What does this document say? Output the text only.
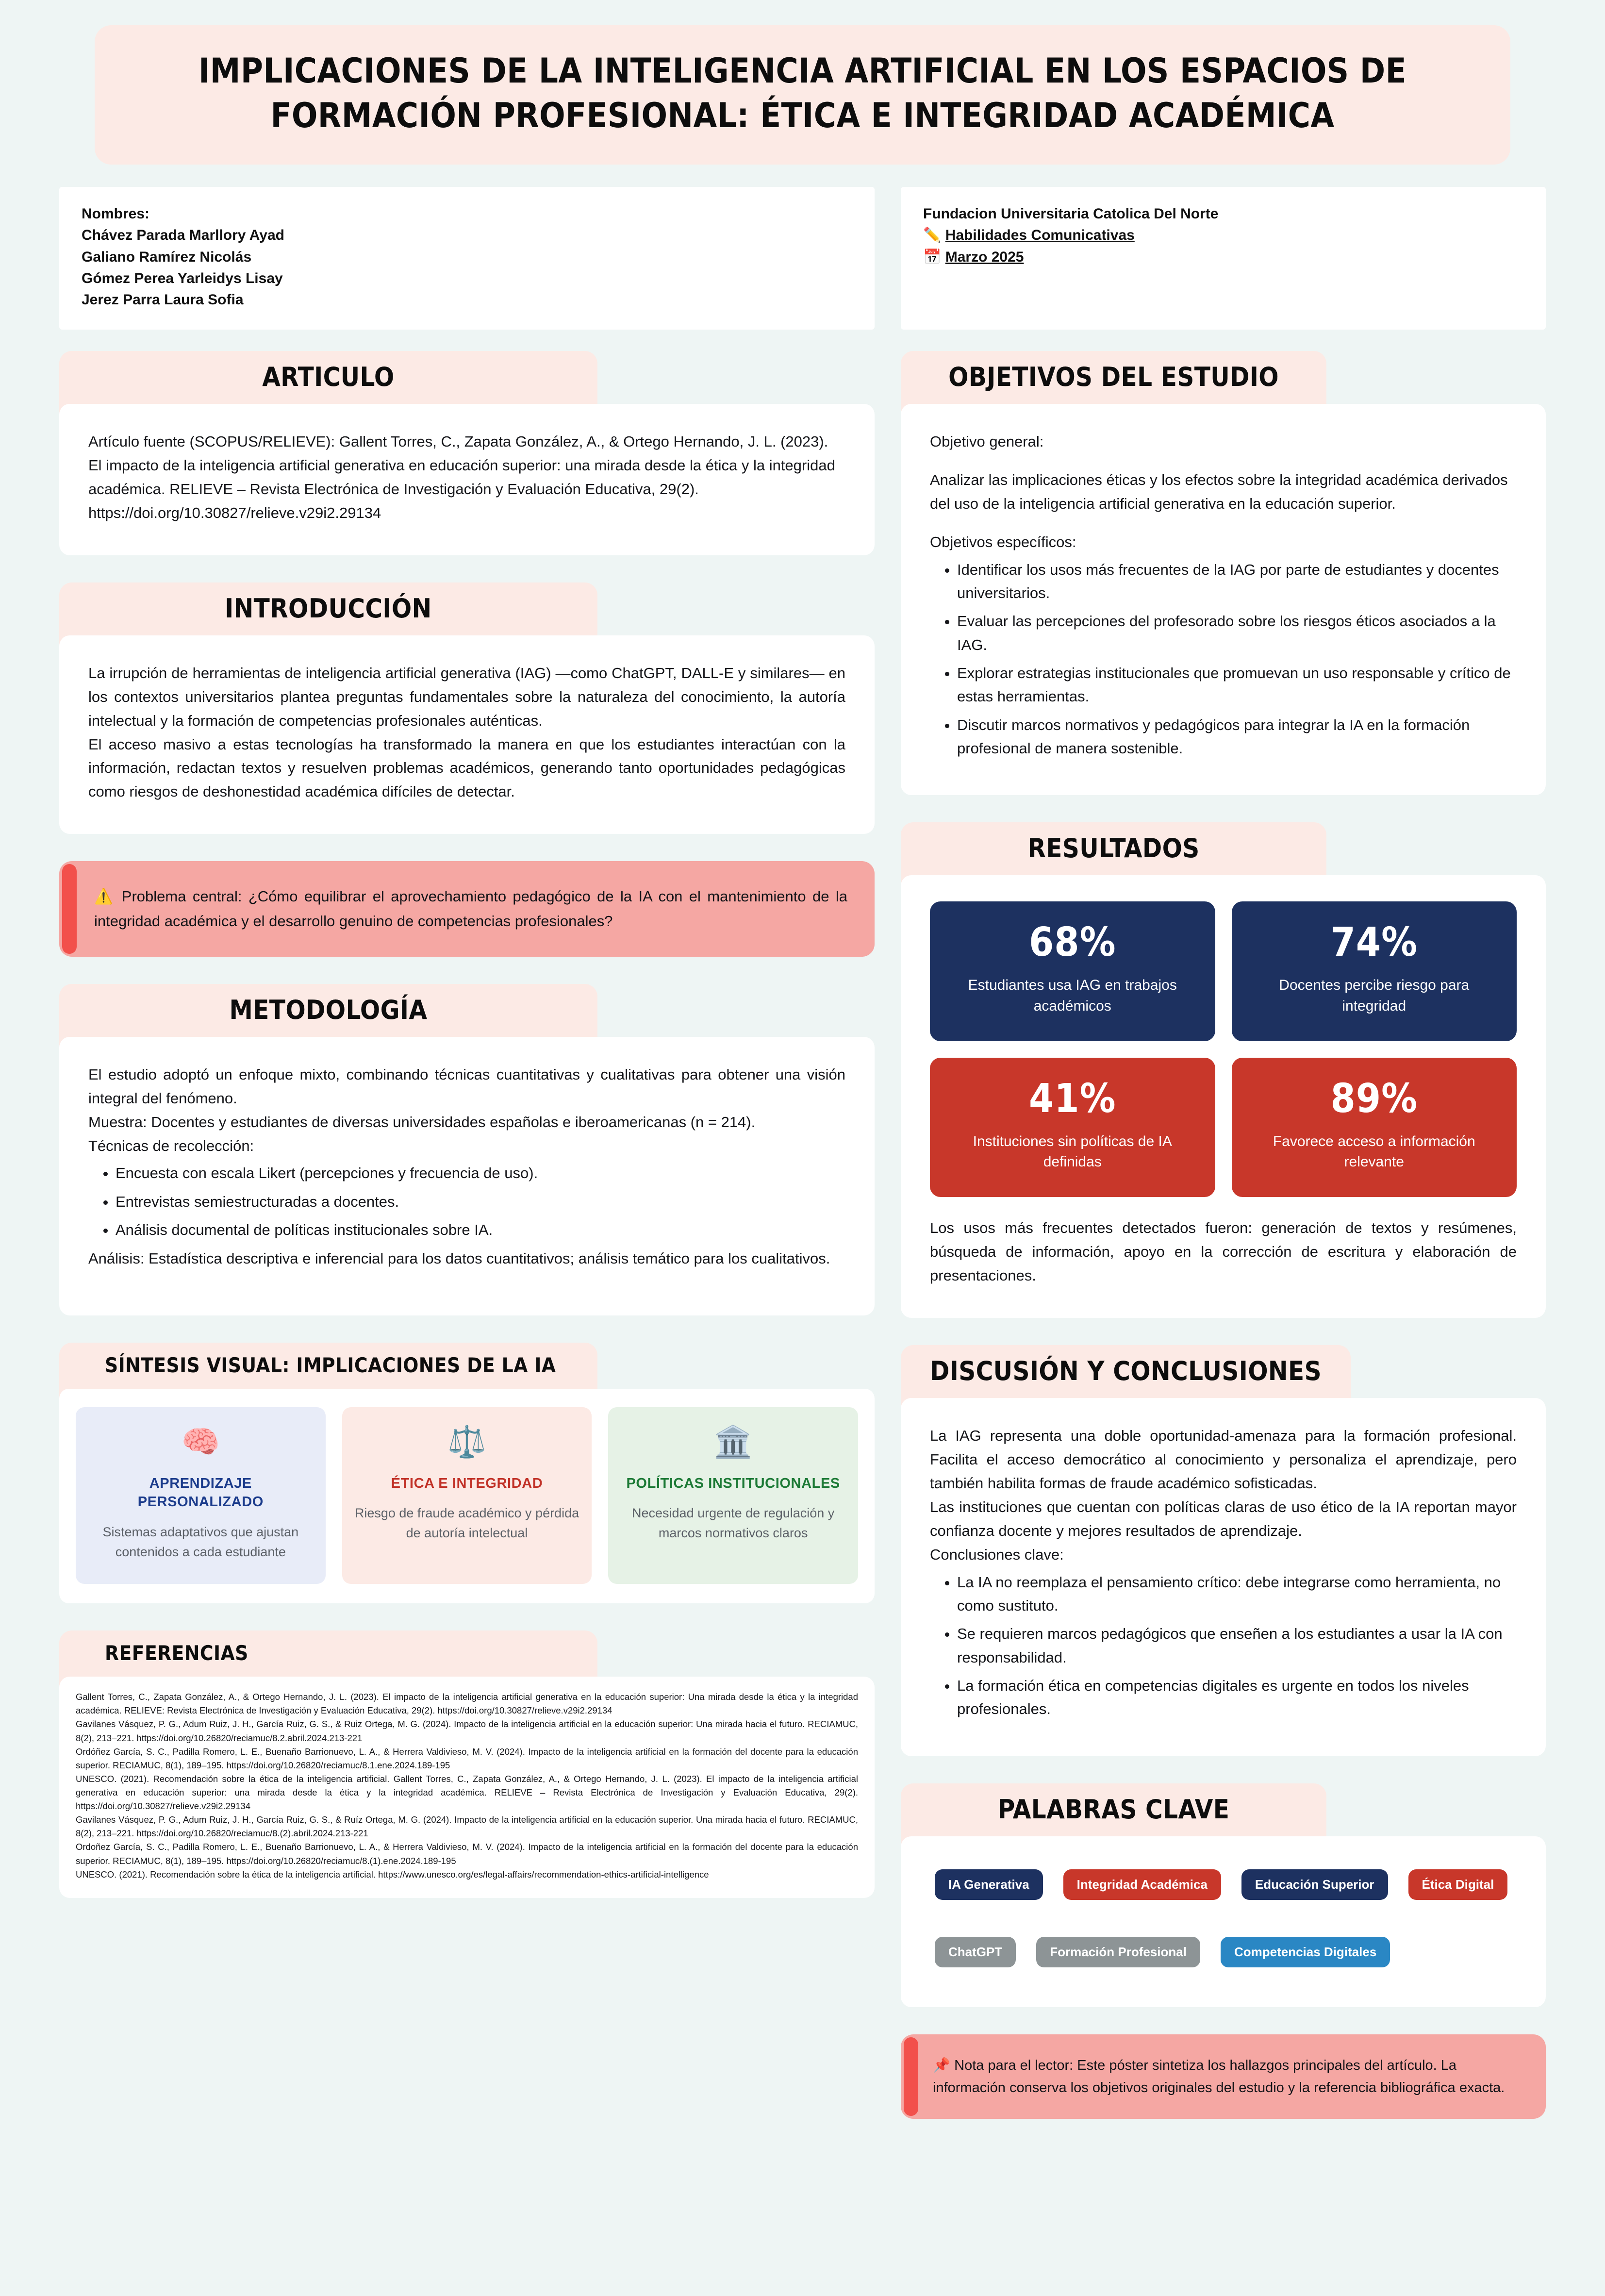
IMPLICACIONES DE LA INTELIGENCIA ARTIFICIAL EN LOS ESPACIOS DE FORMACIÓN PROFESIONAL: ÉTICA E INTEGRIDAD ACADÉMICA

Nombres:

Chávez Parada Marllory Ayad

Galiano Ramírez Nicolás

Gómez Perea Yarleidys Lisay

Jerez Parra Laura Sofia

Fundacion Universitaria Catolica Del Norte

✏️ Habilidades Comunicativas

📅 Marzo 2025

ARTICULO

Artículo fuente (SCOPUS/RELIEVE): Gallent Torres, C., Zapata González, A., & Ortego Hernando, J. L. (2023). El impacto de la inteligencia artificial generativa en educación superior: una mirada desde la ética y la integridad académica. RELIEVE – Revista Electrónica de Investigación y Evaluación Educativa, 29(2). https://doi.org/10.30827/relieve.v29i2.29134

INTRODUCCIÓN

La irrupción de herramientas de inteligencia artificial generativa (IAG) —como ChatGPT, DALL-E y similares— en los contextos universitarios plantea preguntas fundamentales sobre la naturaleza del conocimiento, la autoría intelectual y la formación de competencias profesionales auténticas.

El acceso masivo a estas tecnologías ha transformado la manera en que los estudiantes interactúan con la información, redactan textos y resuelven problemas académicos, generando tanto oportunidades pedagógicas como riesgos de deshonestidad académica difíciles de detectar.

⚠️ Problema central: ¿Cómo equilibrar el aprovechamiento pedagógico de la IA con el mantenimiento de la integridad académica y el desarrollo genuino de competencias profesionales?

METODOLOGÍA

El estudio adoptó un enfoque mixto, combinando técnicas cuantitativas y cualitativas para obtener una visión integral del fenómeno.

Muestra: Docentes y estudiantes de diversas universidades españolas e iberoamericanas (n = 214).

Técnicas de recolección:

• Encuesta con escala Likert (percepciones y frecuencia de uso).
• Entrevistas semiestructuradas a docentes.
• Análisis documental de políticas institucionales sobre IA.

Análisis: Estadística descriptiva e inferencial para los datos cuantitativos; análisis temático para los cualitativos.

SÍNTESIS VISUAL: IMPLICACIONES DE LA IA
🧠
APRENDIZAJE PERSONALIZADO
Sistemas adaptativos que ajustan contenidos a cada estudiante
⚖️
ÉTICA E INTEGRIDAD
Riesgo de fraude académico y pérdida de autoría intelectual
🏛️
POLÍTICAS INSTITUCIONALES
Necesidad urgente de regulación y marcos normativos claros
REFERENCIAS

Gallent Torres, C., Zapata González, A., & Ortego Hernando, J. L. (2023). El impacto de la inteligencia artificial generativa en la educación superior: Una mirada desde la ética y la integridad académica. RELIEVE: Revista Electrónica de Investigación y Evaluación Educativa, 29(2). https://doi.org/10.30827/relieve.v29i2.29134

Gavilanes Vásquez, P. G., Adum Ruiz, J. H., García Ruiz, G. S., & Ruiz Ortega, M. G. (2024). Impacto de la inteligencia artificial en la educación superior: Una mirada hacia el futuro. RECIAMUC, 8(2), 213–221. https://doi.org/10.26820/reciamuc/8.2.abril.2024.213-221

Ordóñez García, S. C., Padilla Romero, L. E., Buenaño Barrionuevo, L. A., & Herrera Valdivieso, M. V. (2024). Impacto de la inteligencia artificial en la formación del docente para la educación superior. RECIAMUC, 8(1), 189–195. https://doi.org/10.26820/reciamuc/8.1.ene.2024.189-195

UNESCO. (2021). Recomendación sobre la ética de la inteligencia artificial. Gallent Torres, C., Zapata González, A., & Ortego Hernando, J. L. (2023). El impacto de la inteligencia artificial generativa en educación superior: una mirada desde la ética y la integridad académica. RELIEVE – Revista Electrónica de Investigación y Evaluación Educativa, 29(2). https://doi.org/10.30827/relieve.v29i2.29134

Gavilanes Vásquez, P. G., Adum Ruiz, J. H., García Ruiz, G. S., & Ruíz Ortega, M. G. (2024). Impacto de la inteligencia artificial en la educación superior. Una mirada hacia el futuro. RECIAMUC, 8(2), 213–221. https://doi.org/10.26820/reciamuc/8.(2).abril.2024.213-221

Ordoñez García, S. C., Padilla Romero, L. E., Buenaño Barrionuevo, L. A., & Herrera Valdivieso, M. V. (2024). Impacto de la inteligencia artificial en la formación del docente para la educación superior. RECIAMUC, 8(1), 189–195. https://doi.org/10.26820/reciamuc/8.(1).ene.2024.189-195

UNESCO. (2021). Recomendación sobre la ética de la inteligencia artificial. https://www.unesco.org/es/legal-affairs/recommendation-ethics-artificial-intelligence

OBJETIVOS DEL ESTUDIO

Objetivo general:

Analizar las implicaciones éticas y los efectos sobre la integridad académica derivados del uso de la inteligencia artificial generativa en la educación superior.

Objetivos específicos:

• Identificar los usos más frecuentes de la IAG por parte de estudiantes y docentes universitarios.
• Evaluar las percepciones del profesorado sobre los riesgos éticos asociados a la IAG.
• Explorar estrategias institucionales que promuevan un uso responsable y crítico de estas herramientas.
• Discutir marcos normativos y pedagógicos para integrar la IA en la formación profesional de manera sostenible.
RESULTADOS
68%
Estudiantes usa IAG en trabajos académicos
74%
Docentes percibe riesgo para integridad
41%
Instituciones sin políticas de IA definidas
89%
Favorece acceso a información relevante

Los usos más frecuentes detectados fueron: generación de textos y resúmenes, búsqueda de información, apoyo en la corrección de escritura y elaboración de presentaciones.

DISCUSIÓN Y CONCLUSIONES

La IAG representa una doble oportunidad-amenaza para la formación profesional. Facilita el acceso democrático al conocimiento y personaliza el aprendizaje, pero también habilita formas de fraude académico sofisticadas.

Las instituciones que cuentan con políticas claras de uso ético de la IA reportan mayor confianza docente y mejores resultados de aprendizaje.

Conclusiones clave:

• La IA no reemplaza el pensamiento crítico: debe integrarse como herramienta, no como sustituto.
• Se requieren marcos pedagógicos que enseñen a los estudiantes a usar la IA con responsabilidad.
• La formación ética en competencias digitales es urgente en todos los niveles profesionales.
PALABRAS CLAVE
IA Generativa	Integridad Académica	Educación Superior	Ética Digital
ChatGPT	Formación Profesional	Competencias Digitales

📌 Nota para el lector: Este póster sintetiza los hallazgos principales del artículo. La información conserva los objetivos originales del estudio y la referencia bibliográfica exacta.
